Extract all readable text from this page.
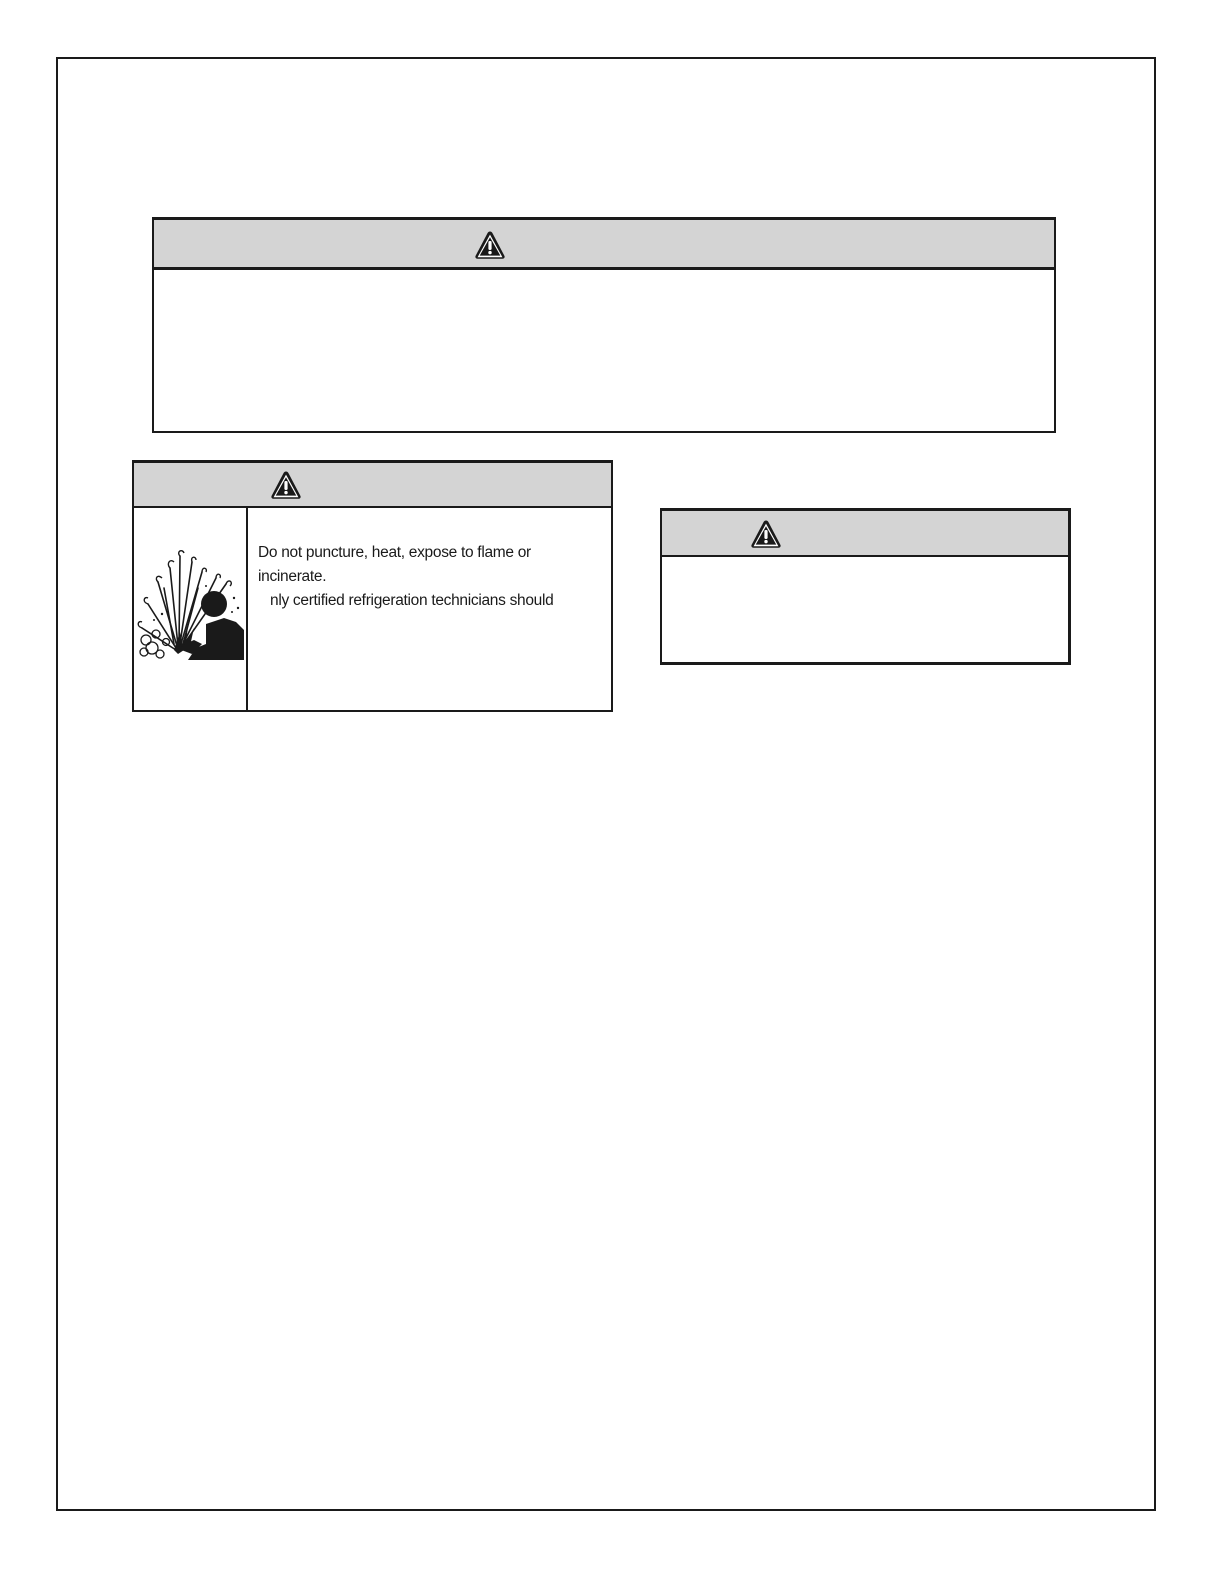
Do not puncture, heat, expose to flame or incinerate.
nly certified refrigeration technicians should
